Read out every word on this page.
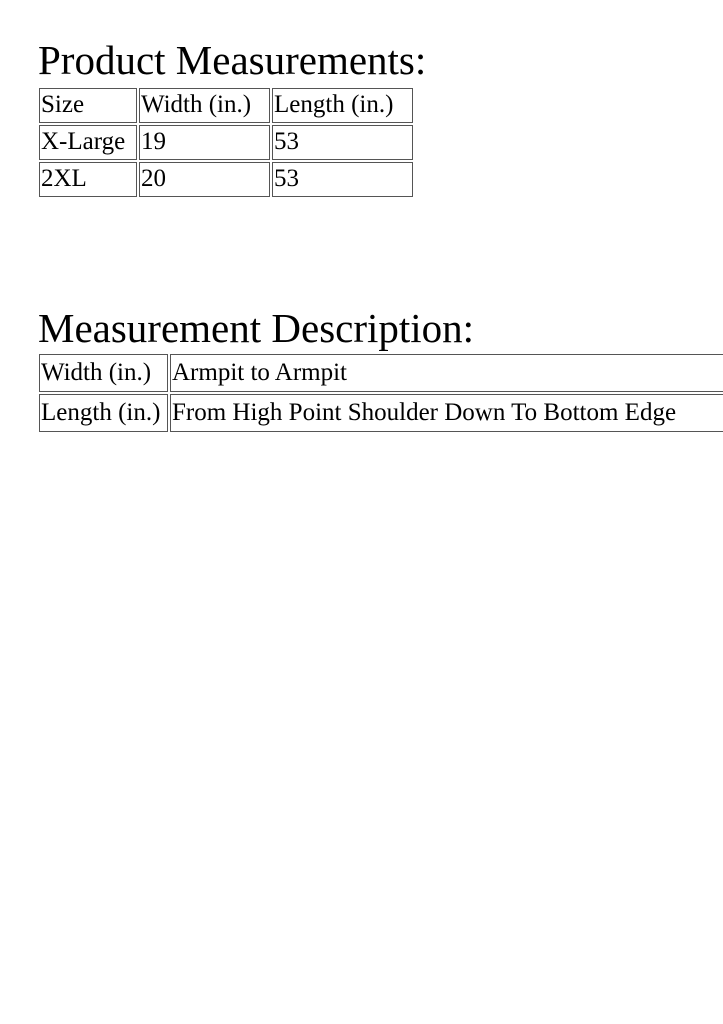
Product Measurements:
Size	Width (in.)	Length (in.)
X-Large	19	53
2XL	20	53
Measurement Description:
Width (in.)	Armpit to Armpit
Length (in.)	From High Point Shoulder Down To Bottom Edge
